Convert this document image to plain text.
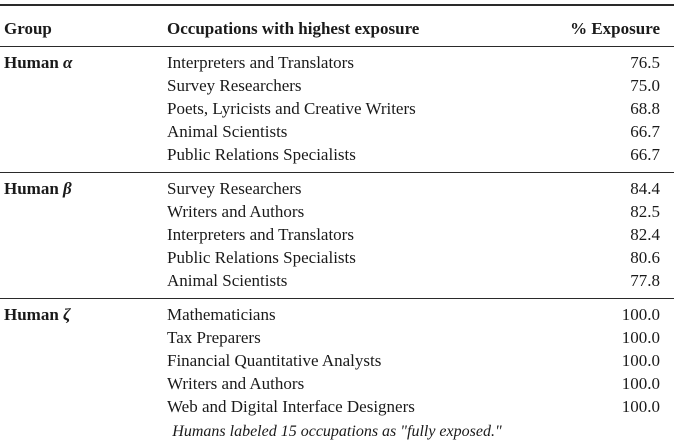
Group	Occupations with highest exposure	% Exposure
Human α	Interpreters and Translators	76.5
Survey Researchers	75.0
Poets, Lyricists and Creative Writers	68.8
Animal Scientists	66.7
Public Relations Specialists	66.7
Human β	Survey Researchers	84.4
Writers and Authors	82.5
Interpreters and Translators	82.4
Public Relations Specialists	80.6
Animal Scientists	77.8
Human ζ	Mathematicians	100.0
Tax Preparers	100.0
Financial Quantitative Analysts	100.0
Writers and Authors	100.0
Web and Digital Interface Designers	100.0
Humans labeled 15 occupations as "fully exposed."
